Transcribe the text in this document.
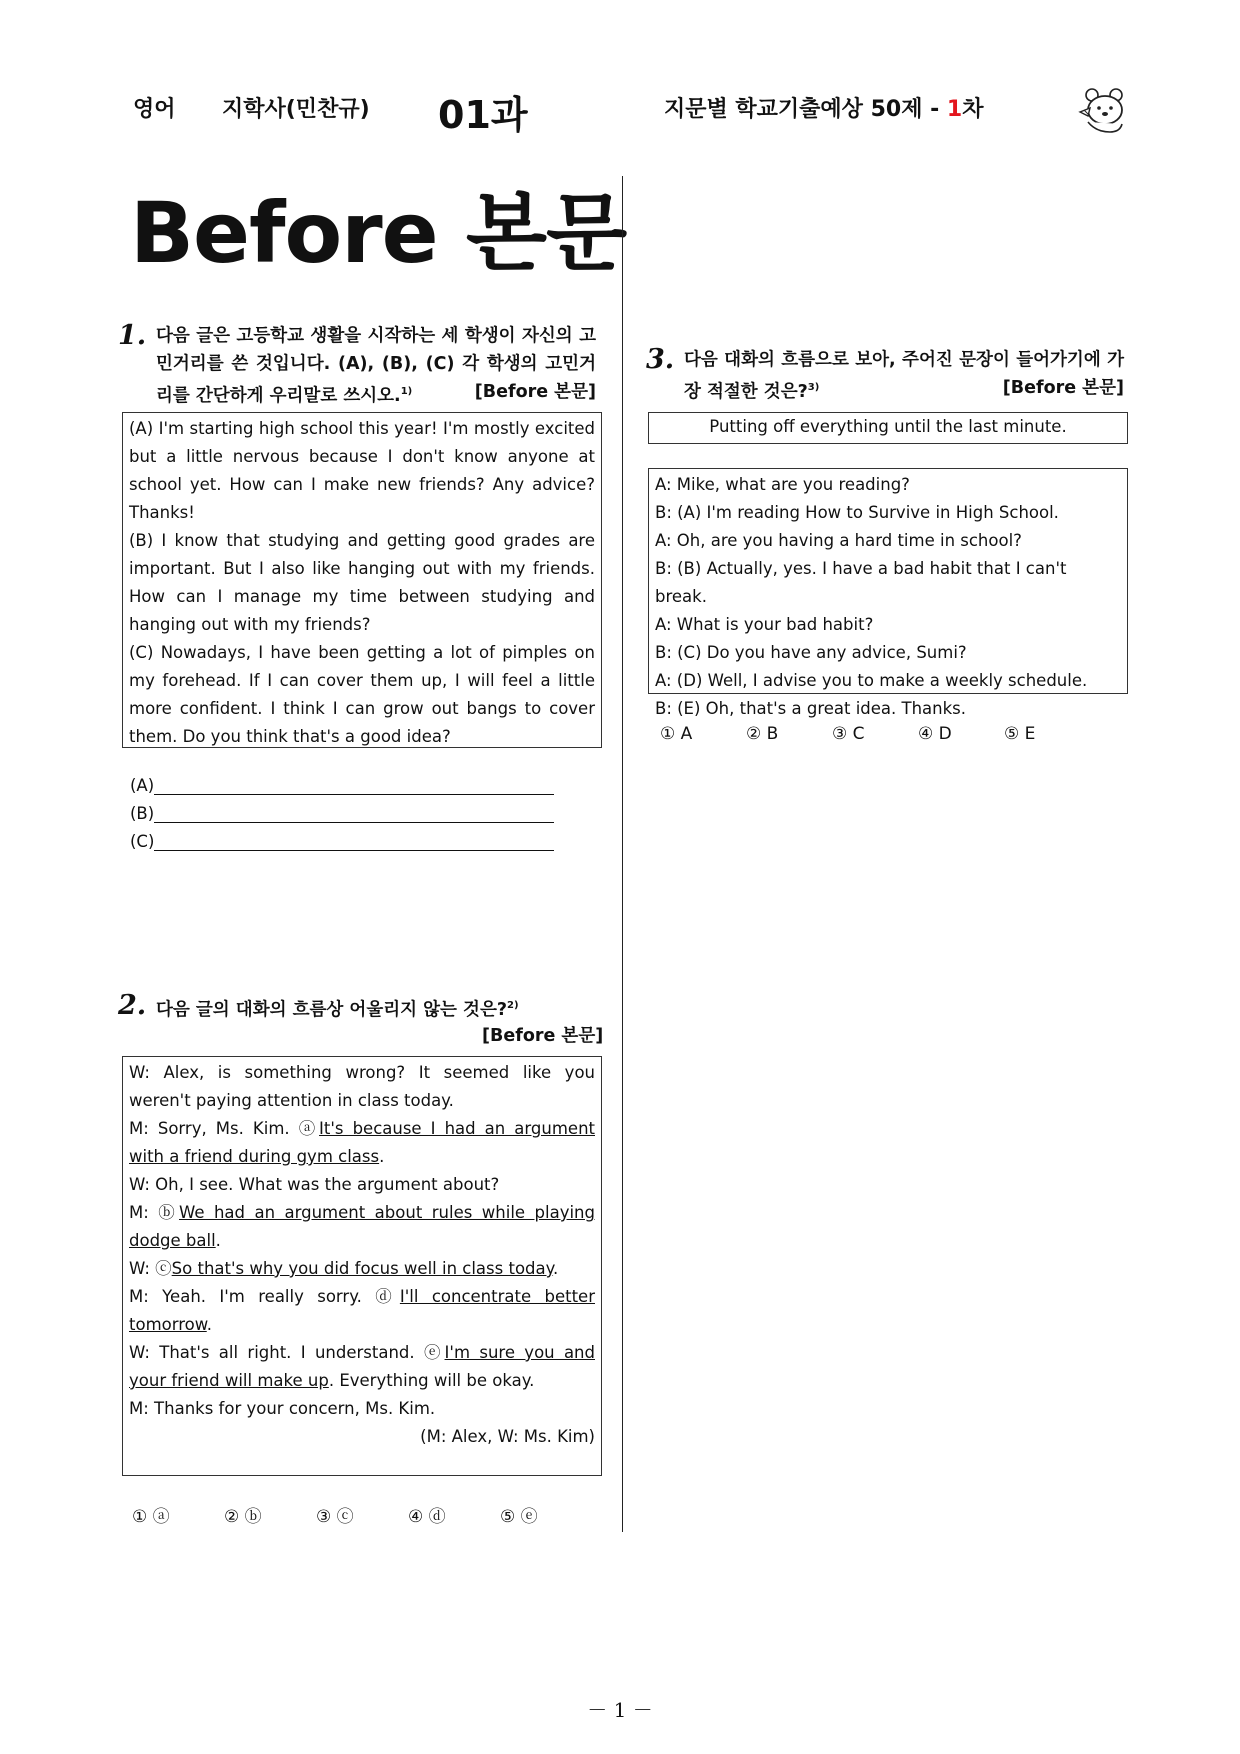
영어 지학사(민찬규) 01과	지문별 학교기출예상 50제 - 1차
Before 본문
1. 다음 글은 고등학교 생활을 시작하는 세 학생이 자신의 고민거리를 쓴 것입니다. (A), (B), (C) 각 학생의 고민거리를 간단하게 우리말로 쓰시오.$^{1)}$	[Before 본문]

(A) I'm starting high school this year! I'm mostly excited but a little nervous because I don't know anyone at school yet. How can I make new friends? Any advice? Thanks!

(B) I know that studying and getting good grades are important. But I also like hanging out with my friends. How can I manage my time between studying and hanging out with my friends?

(C) Nowadays, I have been getting a lot of pimples on my forehead. If I can cover them up, I will feel a little more confident. I think I can grow out bangs to cover them. Do you think that's a good idea?

(A)
(B)
(C)
2. 다음 글의 대화의 흐름상 어울리지 않는 것은?$^{2)}$
[Before 본문]

W: Alex, is something wrong? It seemed like you weren't paying attention in class today.

M: Sorry, Ms. Kim. ⓐIt's because I had an argument with a friend during gym class.

W: Oh, I see. What was the argument about?

M: ⓑWe had an argument about rules while playing dodge ball.

W: ⓒSo that's why you did focus well in class today.

M: Yeah. I'm really sorry. ⓓI'll concentrate better tomorrow.

W: That's all right. I understand. ⓔI'm sure you and your friend will make up. Everything will be okay.

M: Thanks for your concern, Ms. Kim.

(M: Alex, W: Ms. Kim)

① ⓐ	② ⓑ	③ ⓒ	④ ⓓ	⑤ ⓔ
3. 다음 대화의 흐름으로 보아, 주어진 문장이 들어가기에 가장 적절한 것은?$^{3)}$	[Before 본문]
Putting off everything until the last minute.

A: Mike, what are you reading?

B: (A) I'm reading How to Survive in High School.

A: Oh, are you having a hard time in school?

B: (B) Actually, yes. I have a bad habit that I can't break.

A: What is your bad habit?

B: (C) Do you have any advice, Sumi?

A: (D) Well, I advise you to make a weekly schedule.

B: (E) Oh, that's a great idea. Thanks.

① A	② B	③ C	④ D	⑤ E
－ 1 －
